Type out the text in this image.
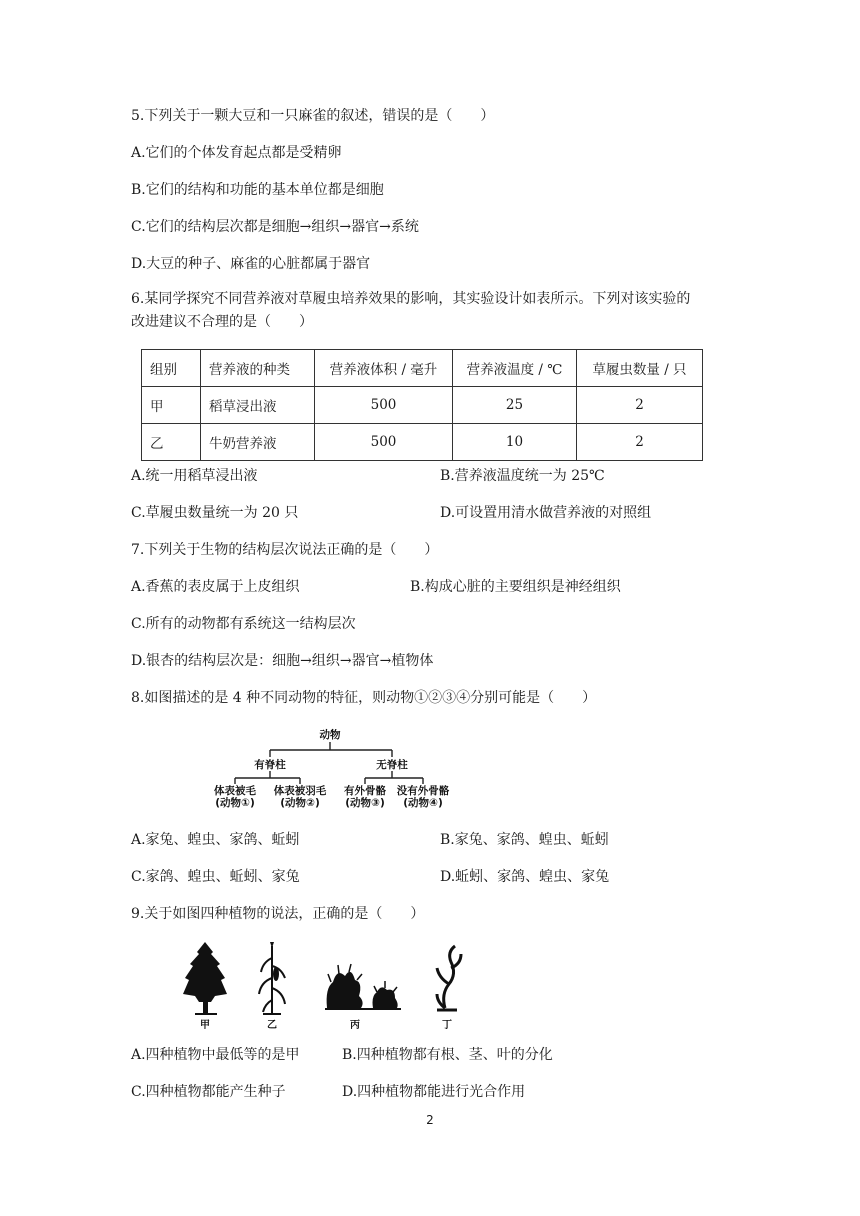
5.下列关于一颗大豆和一只麻雀的叙述，错误的是（　　）
A.它们的个体发育起点都是受精卵
B.它们的结构和功能的基本单位都是细胞
C.它们的结构层次都是细胞→组织→器官→系统
D.大豆的种子、麻雀的心脏都属于器官
6.某同学探究不同营养液对草履虫培养效果的影响，其实验设计如表所示。下列对该实验的
改进建议不合理的是（　　）
组别	营养液的种类	营养液体积 / 毫升	营养液温度 / ℃	草履虫数量 / 只
甲	稻草浸出液	500	25	2
乙	牛奶营养液	500	10	2
A.统一用稻草浸出液	B.营养液温度统一为 25℃
C.草履虫数量统一为 20 只	D.可设置用清水做营养液的对照组
7.下列关于生物的结构层次说法正确的是（　　）
A.香蕉的表皮属于上皮组织	B.构成心脏的主要组织是神经组织
C.所有的动物都有系统这一结构层次
D.银杏的结构层次是：细胞→组织→器官→植物体
8.如图描述的是 4 种不同动物的特征，则动物①②③④分别可能是（　　）
动物
有脊柱	无脊柱
体表被毛
(动物①)
体表被羽毛
(动物②)
有外骨骼
(动物③)
没有外骨骼
(动物④)
A.家兔、蝗虫、家鸽、蚯蚓	B.家兔、家鸽、蝗虫、蚯蚓
C.家鸽、蝗虫、蚯蚓、家兔	D.蚯蚓、家鸽、蝗虫、家兔
9.关于如图四种植物的说法，正确的是（　　）
甲	乙	丙	丁
A.四种植物中最低等的是甲	B.四种植物都有根、茎、叶的分化
C.四种植物都能产生种子	D.四种植物都能进行光合作用
2
